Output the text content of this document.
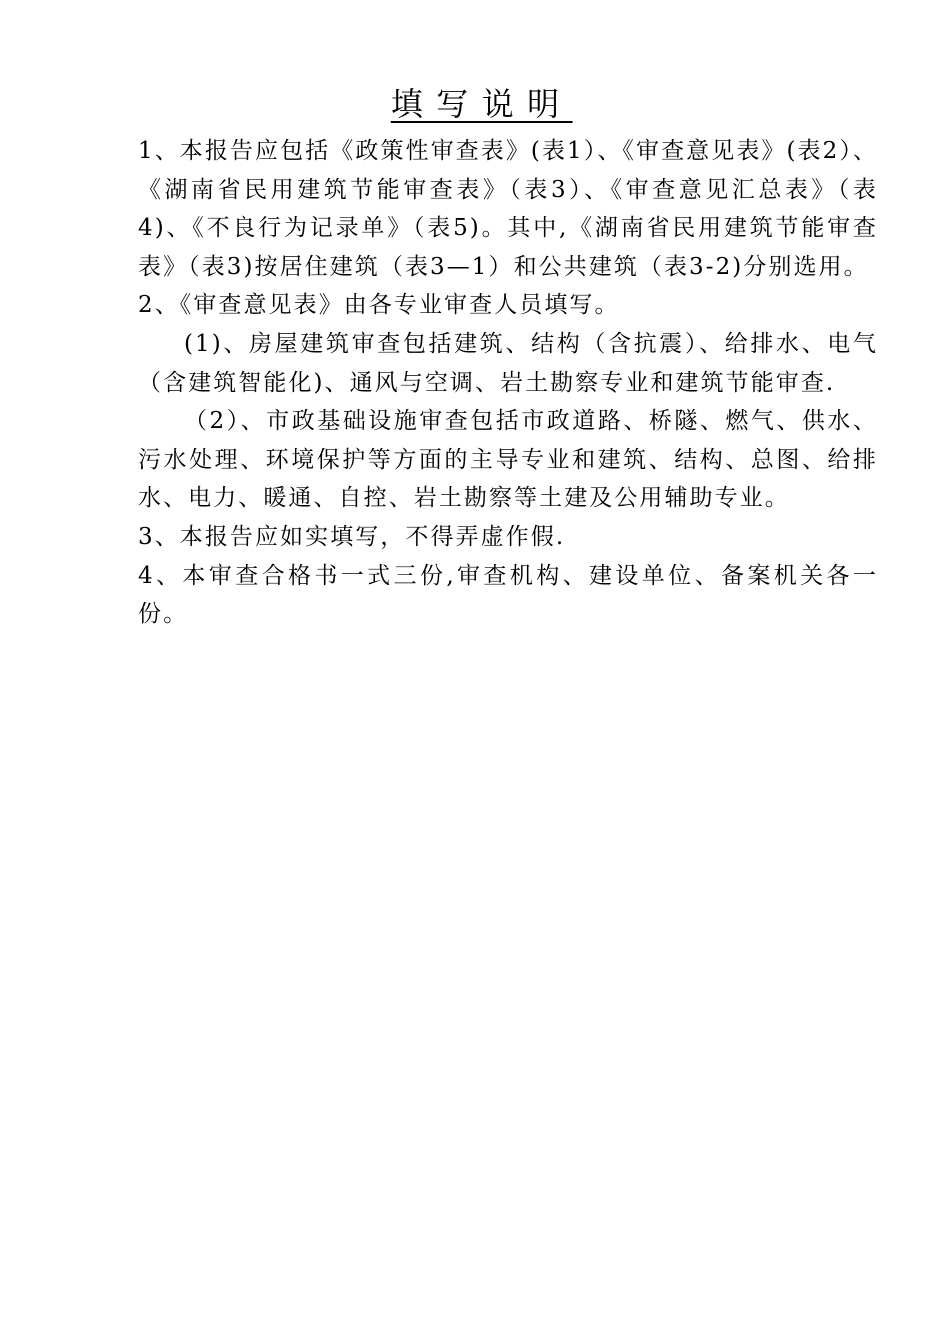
填写说明

1、本报告应包括《政策性审查表》(表1）、《审查意见表》(表2）、《湖南省民用建筑节能审查表》（表3）、《审查意见汇总表》（表4)、《不良行为记录单》（表5)。其中,《湖南省民用建筑节能审查表》（表3)按居住建筑（表3—1）和公共建筑（表3-2)分别选用。

2、《审查意见表》由各专业审查人员填写。

(1)、房屋建筑审查包括建筑、结构（含抗震）、给排水、电气（含建筑智能化)、通风与空调、岩土勘察专业和建筑节能审查.

（2）、市政基础设施审查包括市政道路、桥隧、燃气、供水、污水处理、环境保护等方面的主导专业和建筑、结构、总图、给排水、电力、暖通、自控、岩土勘察等土建及公用辅助专业。

3、本报告应如实填写，不得弄虚作假.

4、本审查合格书一式三份,审查机构、建设单位、备案机关各一份。
